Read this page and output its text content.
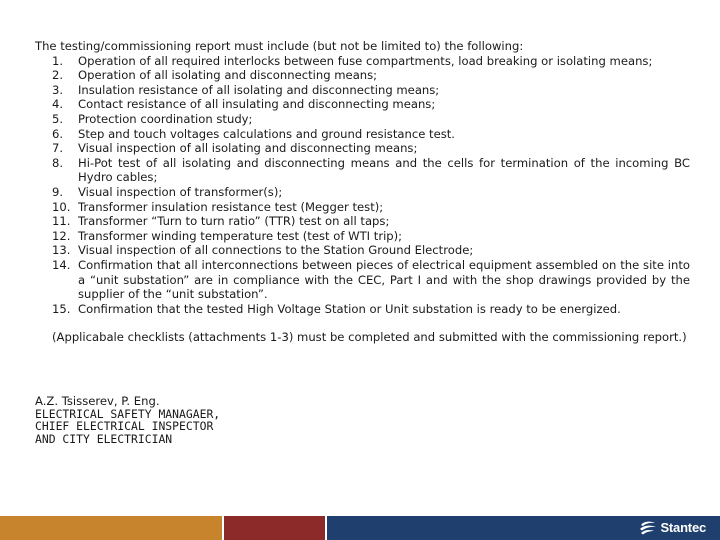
The testing/commissioning report must include (but not be limited to) the following:

1.	Operation of all required interlocks between fuse compartments, load breaking or isolating means;
2.	Operation of all isolating and disconnecting means;
3.	Insulation resistance of all isolating and disconnecting means;
4.	Contact resistance of all insulating and disconnecting means;
5.	Protection coordination study;
6.	Step and touch voltages calculations and ground resistance test.
7.	Visual inspection of all isolating and disconnecting means;
8.	Hi-Pot test of all isolating and disconnecting means and the cells for termination of the incoming BC Hydro cables;
9.	Visual inspection of transformer(s);
10. Transformer insulation resistance test (Megger test);
11. Transformer “Turn to turn ratio” (TTR) test on all taps;
12. Transformer winding temperature test (test of WTI trip);
13. Visual inspection of all connections to the Station Ground Electrode;
14. Confirmation that all interconnections between pieces of electrical equipment assembled on the site into a “unit substation” are in compliance with the CEC, Part I and with the shop drawings provided by the supplier of the “unit substation”.
15. Confirmation that the tested High Voltage Station or Unit substation is ready to be energized.

(Applicabale checklists (attachments 1-3) must be completed and submitted with the commissioning report.)

A.Z. Tsisserev, P. Eng.

ELECTRICAL SAFETY MANAGAER,

CHIEF ELECTRICAL INSPECTOR

AND CITY ELECTRICIAN

Stantec
